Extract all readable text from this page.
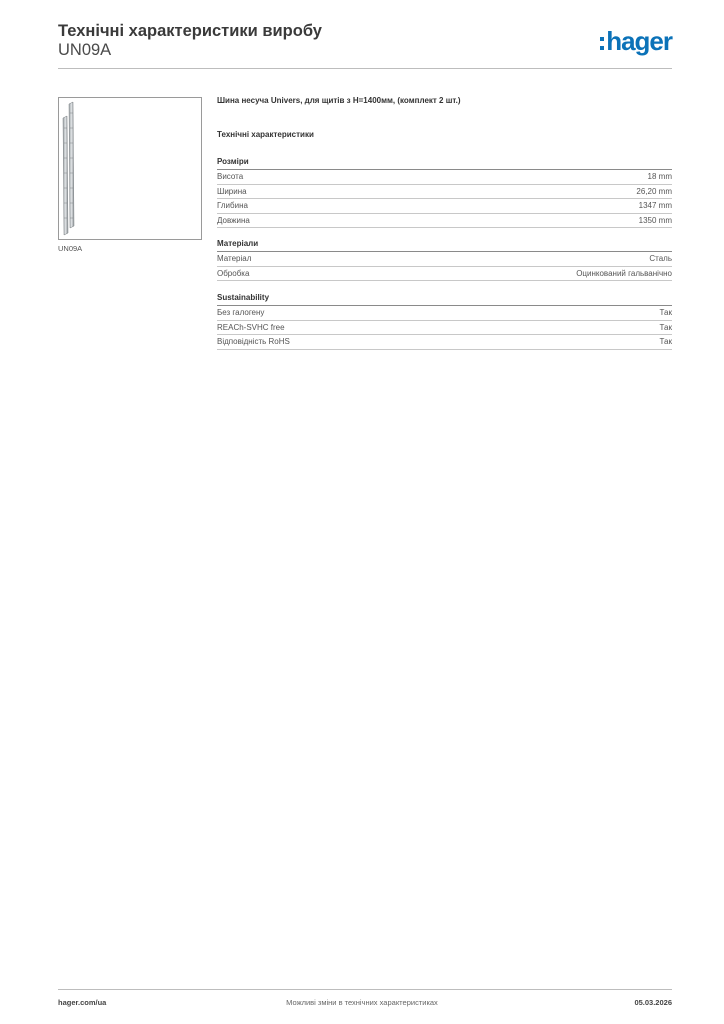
Технічні характеристики виробу
UN09A	hager
UN09A
Шина несуча Univers, для щитів з H=1400мм, (комплект 2 шт.)
Технічні характеристики
Розміри
Висота	18 mm
Ширина	26,20 mm
Глибина	1347 mm
Довжина	1350 mm
Матеріали
Матеріал	Сталь
Обробка	Оцинкований гальванічно
Sustainability
Без галогену	Так
REACh-SVHC free	Так
Відповідність RoHS	Так
hager.com/ua	Можливі зміни в технічних характеристиках	05.03.2026
